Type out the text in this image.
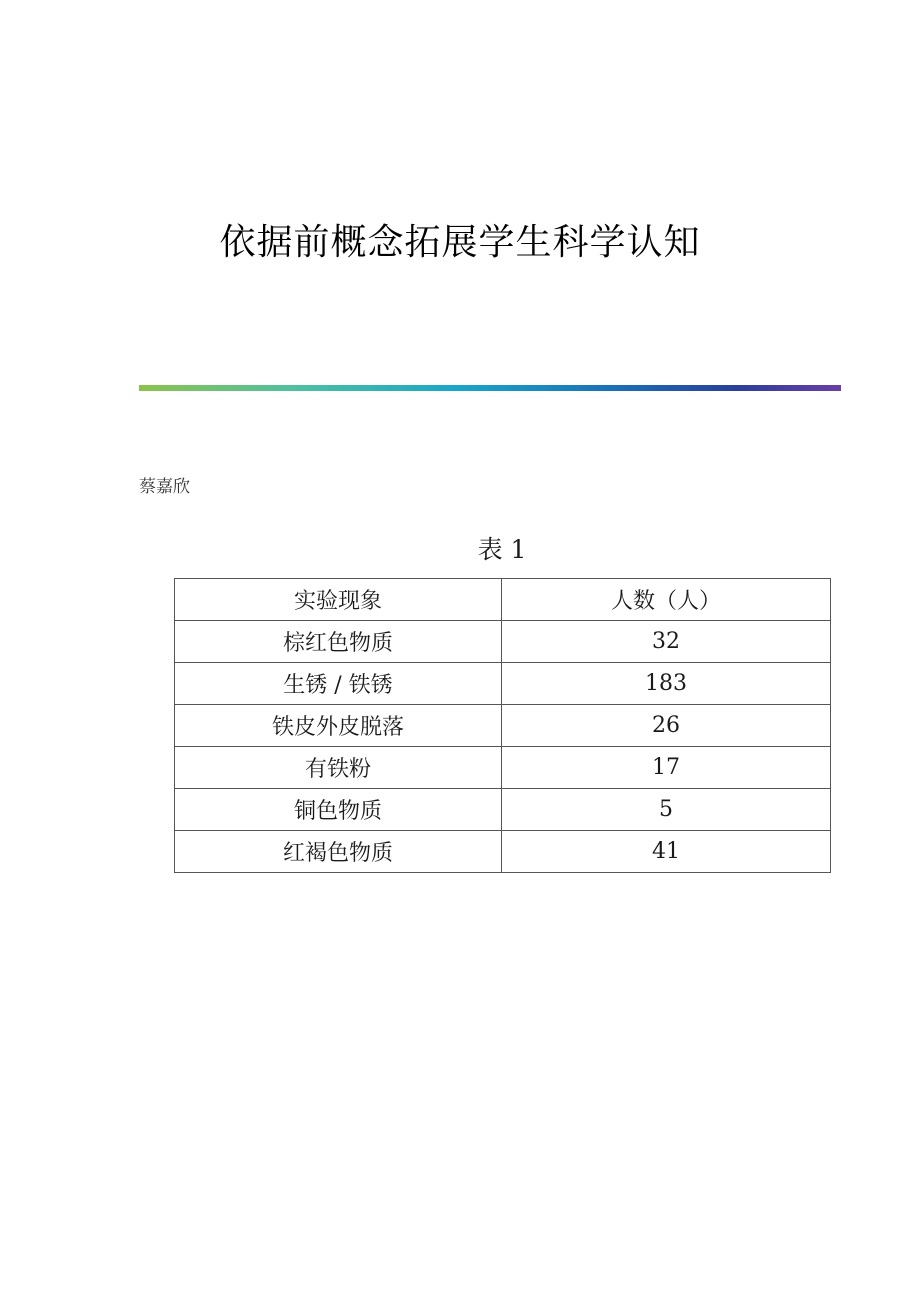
依据前概念拓展学生科学认知
蔡嘉欣
表 1
实验现象	人数（人）
棕红色物质	32
生锈 / 铁锈	183
铁皮外皮脱落	26
有铁粉	17
铜色物质	5
红褐色物质	41
